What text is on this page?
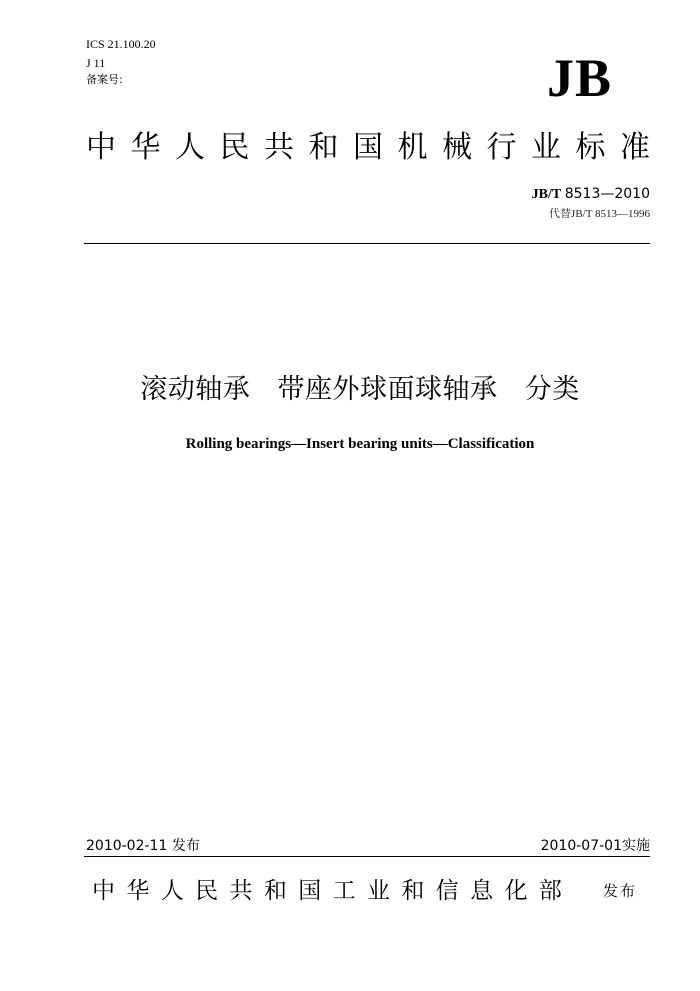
ICS 21.100.20
J 11
备案号:	JB
中 华 人 民 共 和 国 机 械 行 业 标 准
JB/T 8513—2010
代替JB/T 8513—1996
滚动轴承 带座外球面球轴承 分类
Rolling bearings—Insert bearing units—Classification
2010-02-11 发布	2010-07-01实施
中 华 人 民 共 和 国 工 业 和 信 息 化 部	发布
